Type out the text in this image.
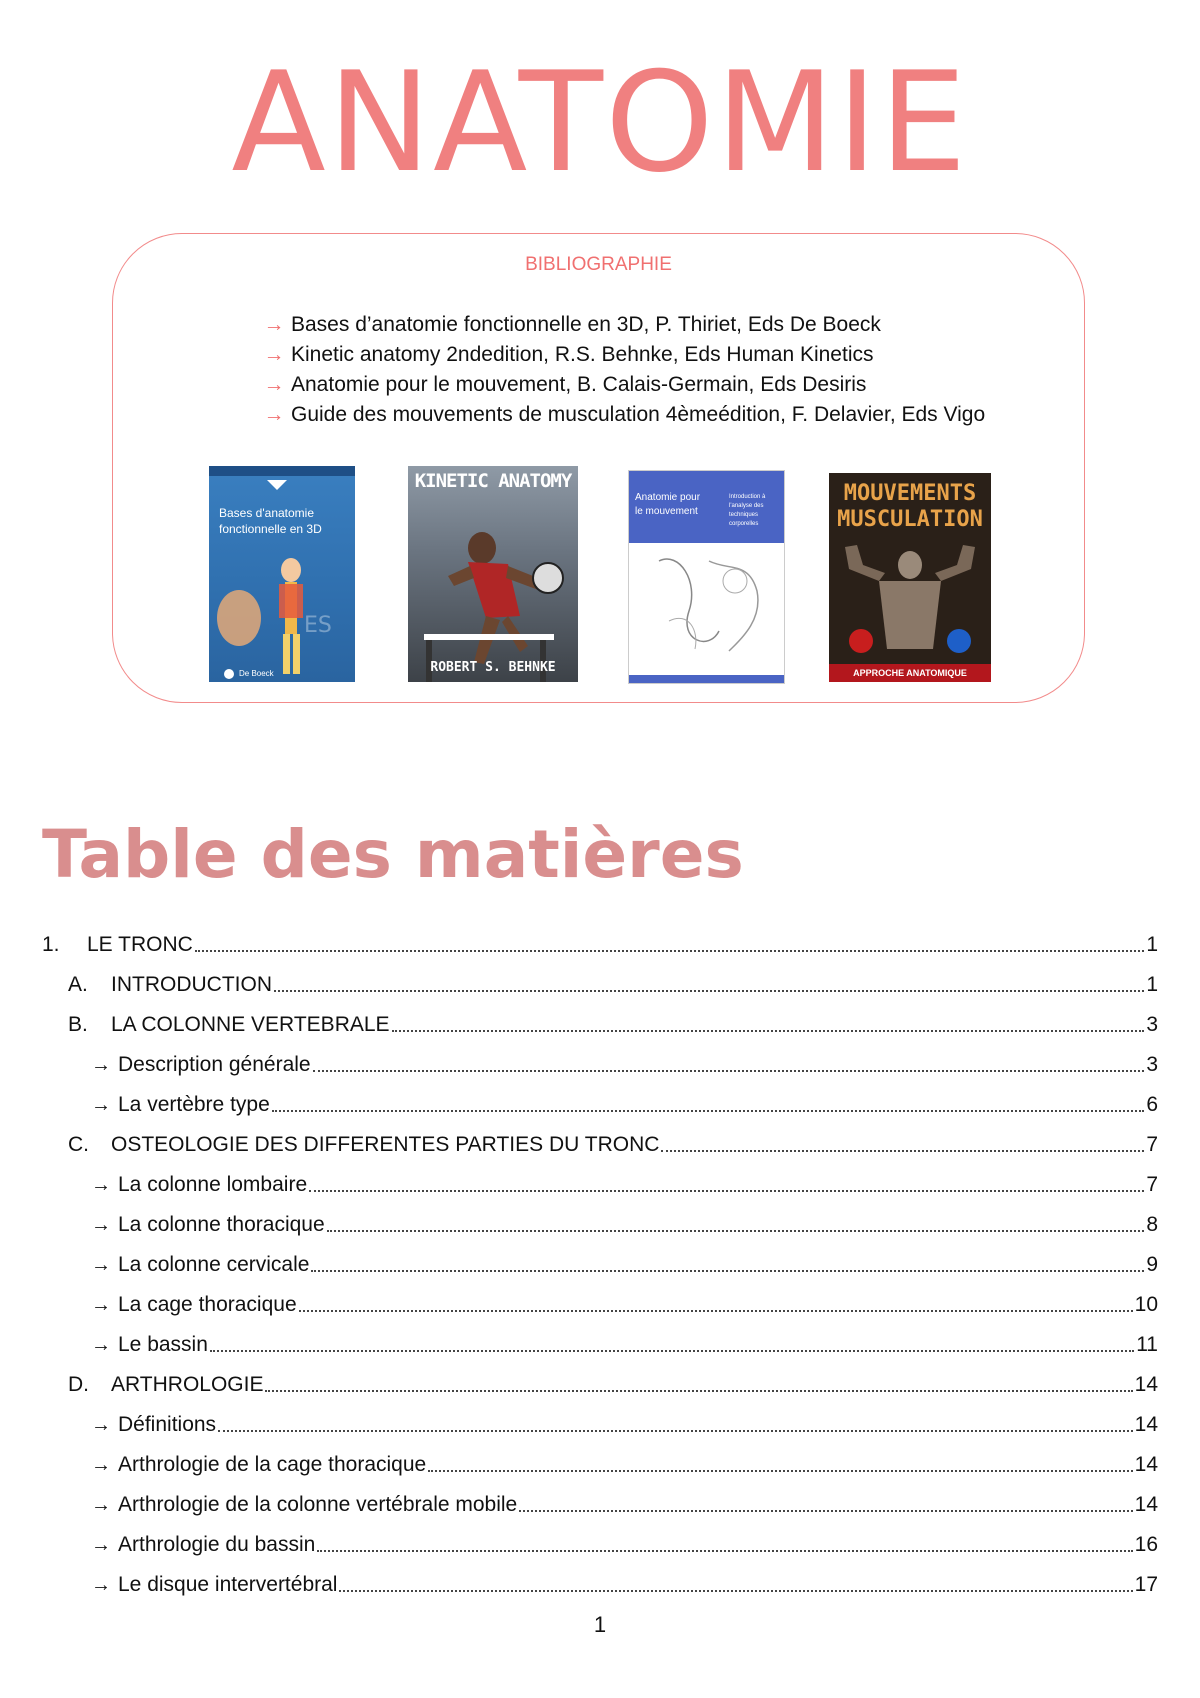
ANATOMIE
BIBLIOGRAPHIE
→ Bases d’anatomie fonctionnelle en 3D, P. Thiriet, Eds De Boeck
→ Kinetic anatomy 2ndedition, R.S. Behnke, Eds Human Kinetics
→ Anatomie pour le mouvement, B. Calais-Germain, Eds Desiris
→ Guide des mouvements de musculation 4èmeédition, F. Delavier, Eds Vigo
Bases d'anatomie
fonctionnelle en 3D
ES
De Boeck
KINETIC ANATOMY
ROBERT S. BEHNKE
Anatomie pour le mouvement
Introduction à l'analyse des techniques corporelles
MOUVEMENTS
MUSCULATION
APPROCHE ANATOMIQUE
Table des matières
1.	LE TRONC	1
A.	INTRODUCTION	1
B.	LA COLONNE VERTEBRALE	3
→ Description générale	3
→ La vertèbre type	6
C.	OSTEOLOGIE DES DIFFERENTES PARTIES DU TRONC	7
→ La colonne lombaire	7
→ La colonne thoracique	8
→ La colonne cervicale	9
→ La cage thoracique	10
→ Le bassin	11
D.	ARTHROLOGIE	14
→ Définitions	14
→ Arthrologie de la cage thoracique	14
→ Arthrologie de la colonne vertébrale mobile	14
→ Arthrologie du bassin	16
→ Le disque intervertébral	17
1
